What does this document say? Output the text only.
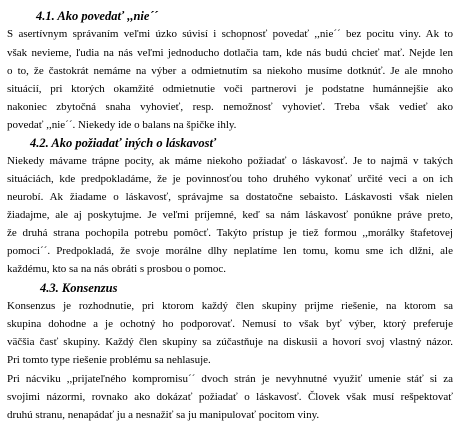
4.1. Ako povedať ,,nie´´
S asertívnym správaním veľmi úzko súvisí i schopnosť povedať ,,nie´´ bez pocitu viny. Ak to
však nevieme, ľudia na nás veľmi jednoducho dotlačia tam, kde nás budú chcieť mať. Nejde len
o to, že častokrát nemáme na výber a odmietnutím sa niekoho musíme dotknúť. Je ale mnoho
situácií, pri ktorých okamžité odmietnutie voči partnerovi je podstatne humánnejšie ako
nakoniec zbytočná snaha vyhovieť, resp. nemožnosť vyhovieť. Treba však vedieť ako
povedať ,,nie´´. Niekedy ide o balans na špičke ihly.
4.2. Ako požiadať iných o láskavosť
Niekedy mávame trápne pocity, ak máme niekoho požiadať o láskavosť. Je to najmä v takých
situáciách, kde predpokladáme, že je povinnosťou toho druhého vykonať určité veci a on ich
neurobí. Ak žiadame o láskavosť, správajme sa dostatočne sebaisto. Láskavosti však nielen
žiadajme, ale aj poskytujme. Je veľmi príjemné, keď sa nám láskavosť ponúkne práve preto,
že druhá strana pochopila potrebu pomôcť. Takýto prístup je tiež formou ,,morálky štafetovej
pomoci´´. Predpokladá, že svoje morálne dlhy neplatíme len tomu, komu sme ich dlžni, ale
každému, kto sa na nás obráti s prosbou o pomoc.
4.3. Konsenzus
Konsenzus je rozhodnutie, pri ktorom každý člen skupiny prijme riešenie, na ktorom sa
skupina dohodne a je ochotný ho podporovať. Nemusí to však byť výber, ktorý preferuje
väčšia časť skupiny. Každý člen skupiny sa zúčastňuje na diskusii a hovorí svoj vlastný názor.
Pri tomto type riešenie problému sa nehlasuje.
Pri nácviku ,,prijateľného kompromisu´´ dvoch strán je nevyhnutné využiť umenie stáť si za
svojimi názormi, rovnako ako dokázať požiadať o láskavosť. Človek však musí rešpektovať
druhú stranu, nenapádať ju a nesnažiť sa ju manipulovať pocitom viny.
